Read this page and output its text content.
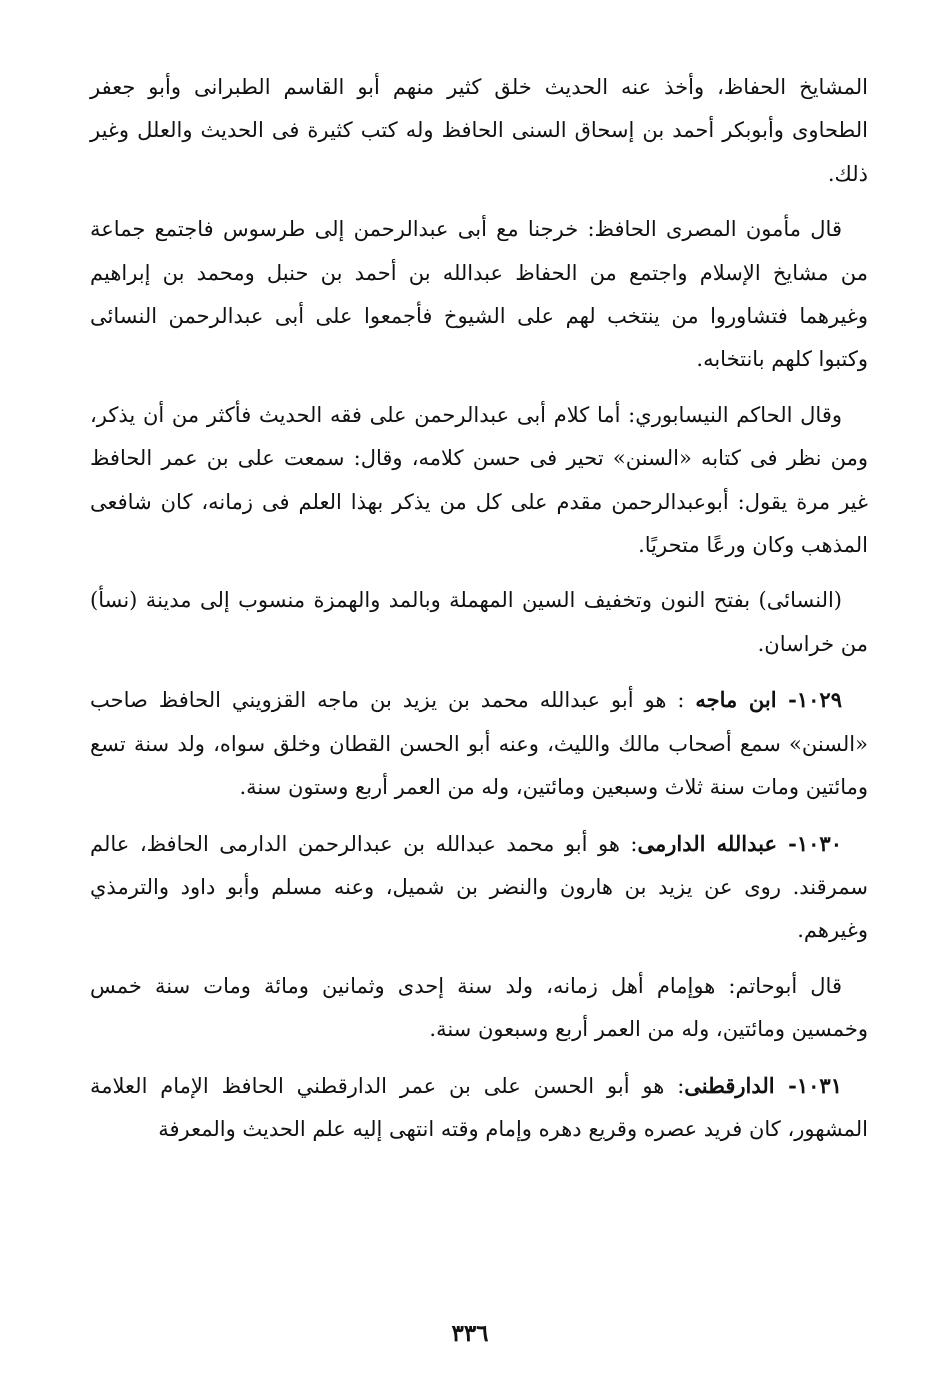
المشايخ الحفاظ، وأخذ عنه الحديث خلق كثير منهم أبو القاسم الطبرانى وأبو جعفر الطحاوى وأبوبكر أحمد بن إسحاق السنى الحافظ وله كتب كثيرة فى الحديث والعلل وغير ذلك.

قال مأمون المصرى الحافظ: خرجنا مع أبى عبدالرحمن إلى طرسوس فاجتمع جماعة من مشايخ الإسلام واجتمع من الحفاظ عبدالله بن أحمد بن حنبل ومحمد بن إبراهيم وغيرهما فتشاوروا من ينتخب لهم على الشيوخ فأجمعوا على أبى عبدالرحمن النسائى وكتبوا كلهم بانتخابه.

وقال الحاكم النيسابوري: أما كلام أبى عبدالرحمن على فقه الحديث فأكثر من أن يذكر، ومن نظر فى كتابه «السنن» تحير فى حسن كلامه، وقال: سمعت على بن عمر الحافظ غير مرة يقول: أبوعبدالرحمن مقدم على كل من يذكر بهذا العلم فى زمانه، كان شافعى المذهب وكان ورعًا متحريًا.

(النسائى) بفتح النون وتخفيف السين المهملة وبالمد والهمزة منسوب إلى مدينة (نسأ) من خراسان.

١٠٢٩- ابن ماجه : هو أبو عبدالله محمد بن يزيد بن ماجه القزويني الحافظ صاحب «السنن» سمع أصحاب مالك والليث، وعنه أبو الحسن القطان وخلق سواه، ولد سنة تسع ومائتين ومات سنة ثلاث وسبعين ومائتين، وله من العمر أربع وستون سنة.

١٠٣٠- عبدالله الدارمى: هو أبو محمد عبدالله بن عبدالرحمن الدارمى الحافظ، عالم سمرقند. روى عن يزيد بن هارون والنضر بن شميل، وعنه مسلم وأبو داود والترمذي وغيرهم.

قال أبوحاتم: هوإمام أهل زمانه، ولد سنة إحدى وثمانين ومائة ومات سنة خمس وخمسين ومائتين، وله من العمر أربع وسبعون سنة.

١٠٣١- الدارقطنى: هو أبو الحسن على بن عمر الدارقطني الحافظ الإمام العلامة المشهور، كان فريد عصره وقريع دهره وإمام وقته انتهى إليه علم الحديث والمعرفة

٣٣٦
